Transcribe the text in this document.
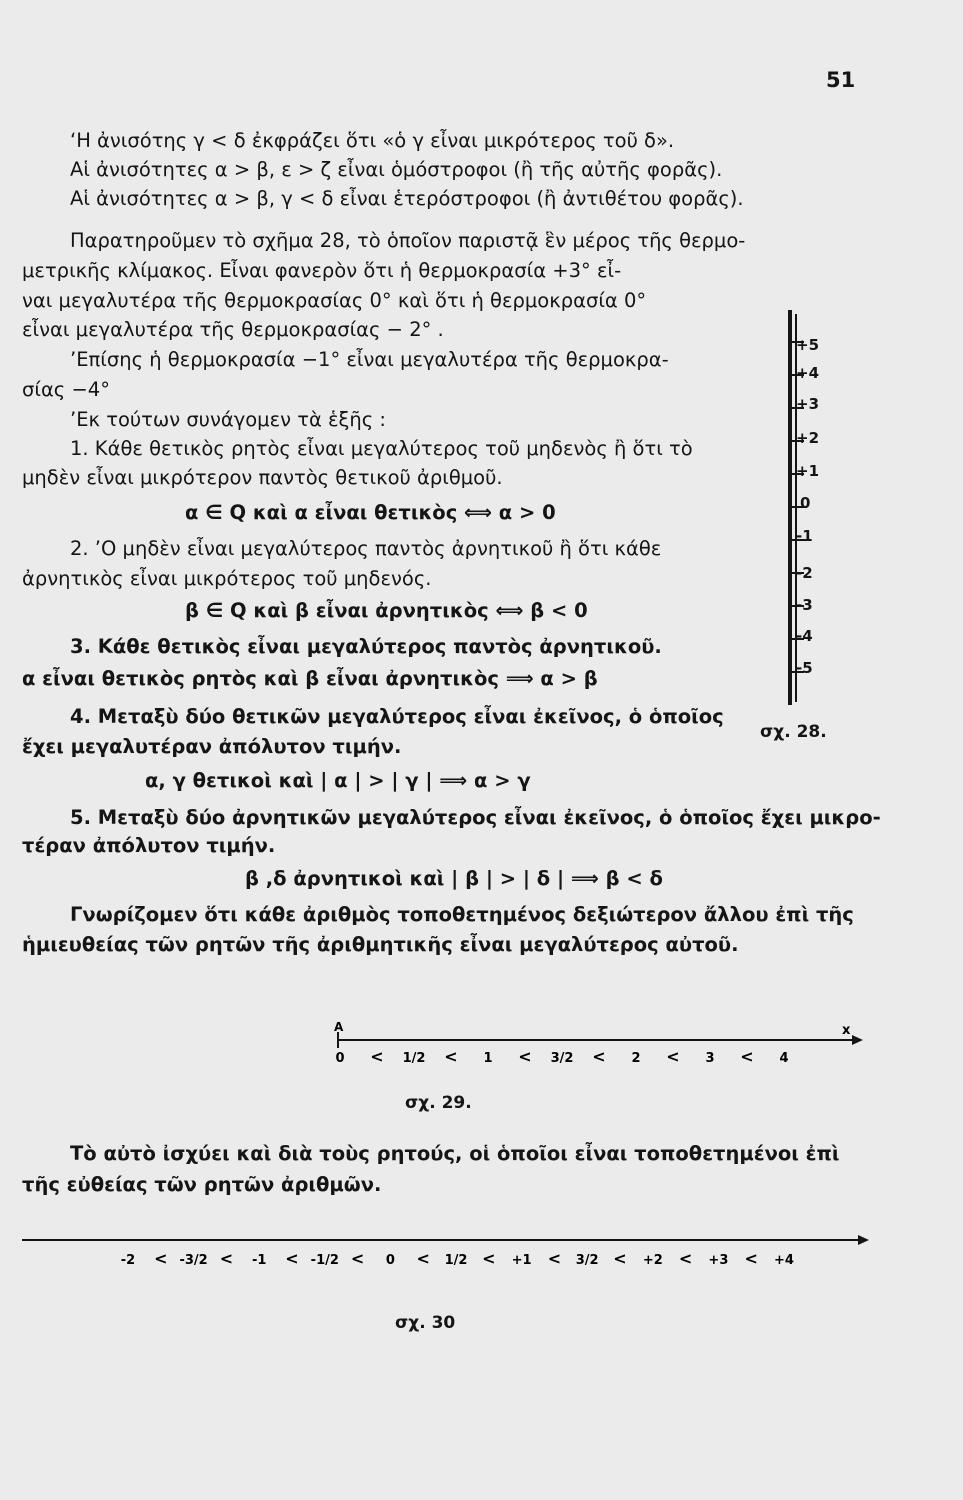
51
‘Η ἀνισότης γ < δ ἐκφράζει ὅτι «ὁ γ εἶναι μικρότερος τοῦ δ».
Αἱ ἀνισότητες α > β, ε > ζ εἶναι ὁμόστροφοι (ἢ τῆς αὐτῆς φορᾶς).
Αἱ ἀνισότητες α > β, γ < δ εἶναι ἑτερόστροφοι (ἢ ἀντιθέτου φορᾶς).
Παρατηροῦμεν τὸ σχῆμα 28, τὸ ὁποῖον παριστᾷ ἓν μέρος τῆς θερμο-
μετρικῆς κλίμακος. Εἶναι φανερὸν ὅτι ἡ θερμοκρασία +3° εἶ-
ναι μεγαλυτέρα τῆς θερμοκρασίας 0° καὶ ὅτι ἡ θερμοκρασία 0°
εἶναι μεγαλυτέρα τῆς θερμοκρασίας − 2° .
’Επίσης ἡ θερμοκρασία −1° εἶναι μεγαλυτέρα τῆς θερμοκρα-
σίας −4°
’Εκ τούτων συνάγομεν τὰ ἑξῆς :
1. Κάθε θετικὸς ρητὸς εἶναι μεγαλύτερος τοῦ μηδενὸς ἢ ὅτι τὸ
μηδὲν εἶναι μικρότερον παντὸς θετικοῦ ἀριθμοῦ.
α ∈ Q καὶ α εἶναι θετικὸς ⟺ α > 0
2. ’Ο μηδὲν εἶναι μεγαλύτερος παντὸς ἀρνητικοῦ ἢ ὅτι κάθε
ἀρνητικὸς εἶναι μικρότερος τοῦ μηδενός.
β ∈ Q καὶ β εἶναι ἀρνητικὸς ⟺ β < 0
3. Κάθε θετικὸς εἶναι μεγαλύτερος παντὸς ἀρνητικοῦ.
α εἶναι θετικὸς ρητὸς καὶ β εἶναι ἀρνητικὸς ⟹ α > β
4. Μεταξὺ δύο θετικῶν μεγαλύτερος εἶναι ἐκεῖνος, ὁ ὁποῖος
ἔχει μεγαλυτέραν ἀπόλυτον τιμήν.
α, γ θετικοὶ καὶ | α | > | γ | ⟹ α > γ
5. Μεταξὺ δύο ἀρνητικῶν μεγαλύτερος εἶναι ἐκεῖνος, ὁ ὁποῖος ἔχει μικρο-
τέραν ἀπόλυτον τιμήν.
β ,δ ἀρνητικοὶ καὶ | β | > | δ | ⟹ β < δ
Γνωρίζομεν ὅτι κάθε ἀριθμὸς τοποθετημένος δεξιώτερον ἄλλου ἐπὶ τῆς
ἡμιευθείας τῶν ρητῶν τῆς ἀριθμητικῆς εἶναι μεγαλύτερος αὐτοῦ.
Τὸ αὐτὸ ἰσχύει καὶ διὰ τοὺς ρητούς, οἱ ὁποῖοι εἶναι τοποθετημένοι ἐπὶ
τῆς εὐθείας τῶν ρητῶν ἀριθμῶν.
+5
+4
+3
+2
+1
0
-1
-2
-3
-4
-5
σχ. 28.
A	x
0 < 1/2 < 1 < 3/2 < 2 < 3 < 4
σχ. 29.
-2 < -3/2 < -1 < -1/2 < 0 < 1/2 < +1 < 3/2 < +2 < +3 < +4
σχ. 30
